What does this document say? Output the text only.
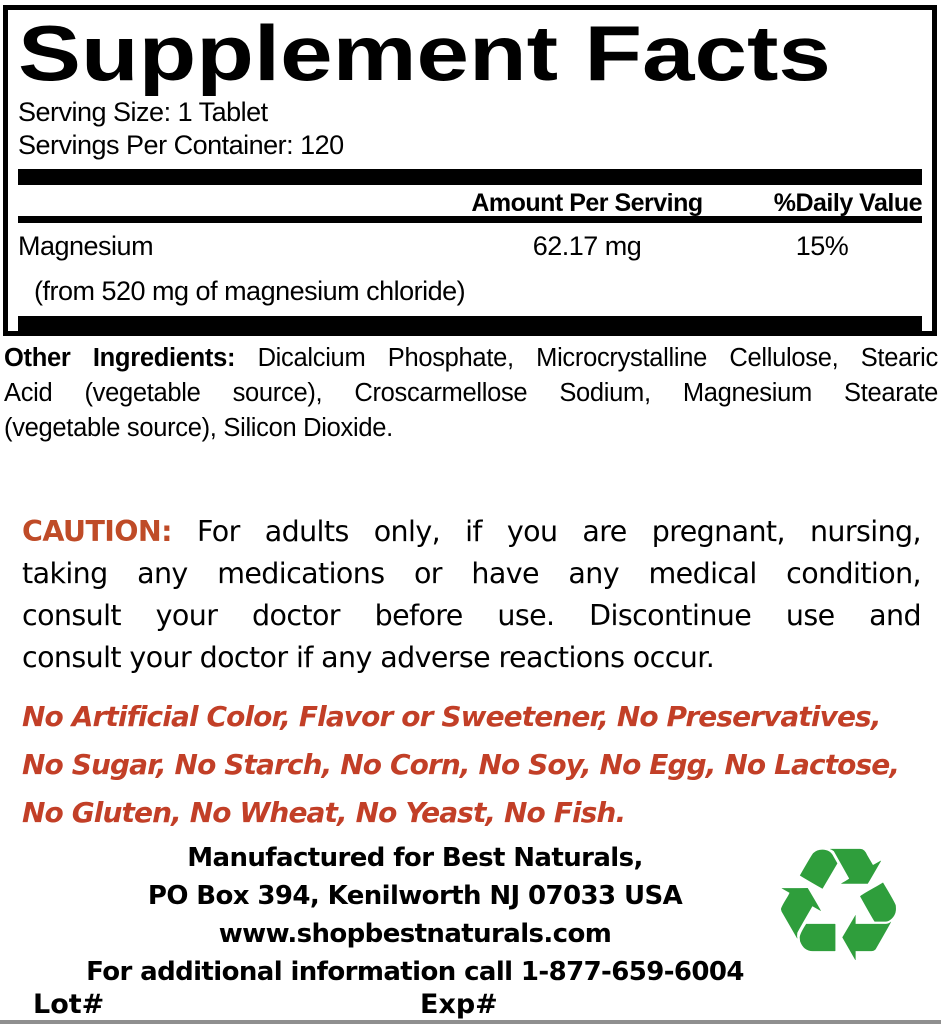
Supplement Facts
Serving Size: 1 Tablet
Servings Per Container: 120
Amount Per Serving	%Daily Value
Magnesium	62.17 mg	15%
(from 520 mg of magnesium chloride)
Other Ingredients: Dicalcium Phosphate, Microcrystalline Cellulose, Stearic
Acid (vegetable source), Croscarmellose Sodium, Magnesium Stearate
(vegetable source), Silicon Dioxide.
CAUTION: For adults only, if you are pregnant, nursing,
taking any medications or have any medical condition,
consult your doctor before use. Discontinue use and
consult your doctor if any adverse reactions occur.
No Artificial Color, Flavor or Sweetener, No Preservatives,
No Sugar, No Starch, No Corn, No Soy, No Egg, No Lactose,
No Gluten, No Wheat, No Yeast, No Fish.
Manufactured for Best Naturals,
PO Box 394, Kenilworth NJ 07033 USA
www.shopbestnaturals.com
For additional information call 1-877-659-6004
Lot#	Exp#
♻
